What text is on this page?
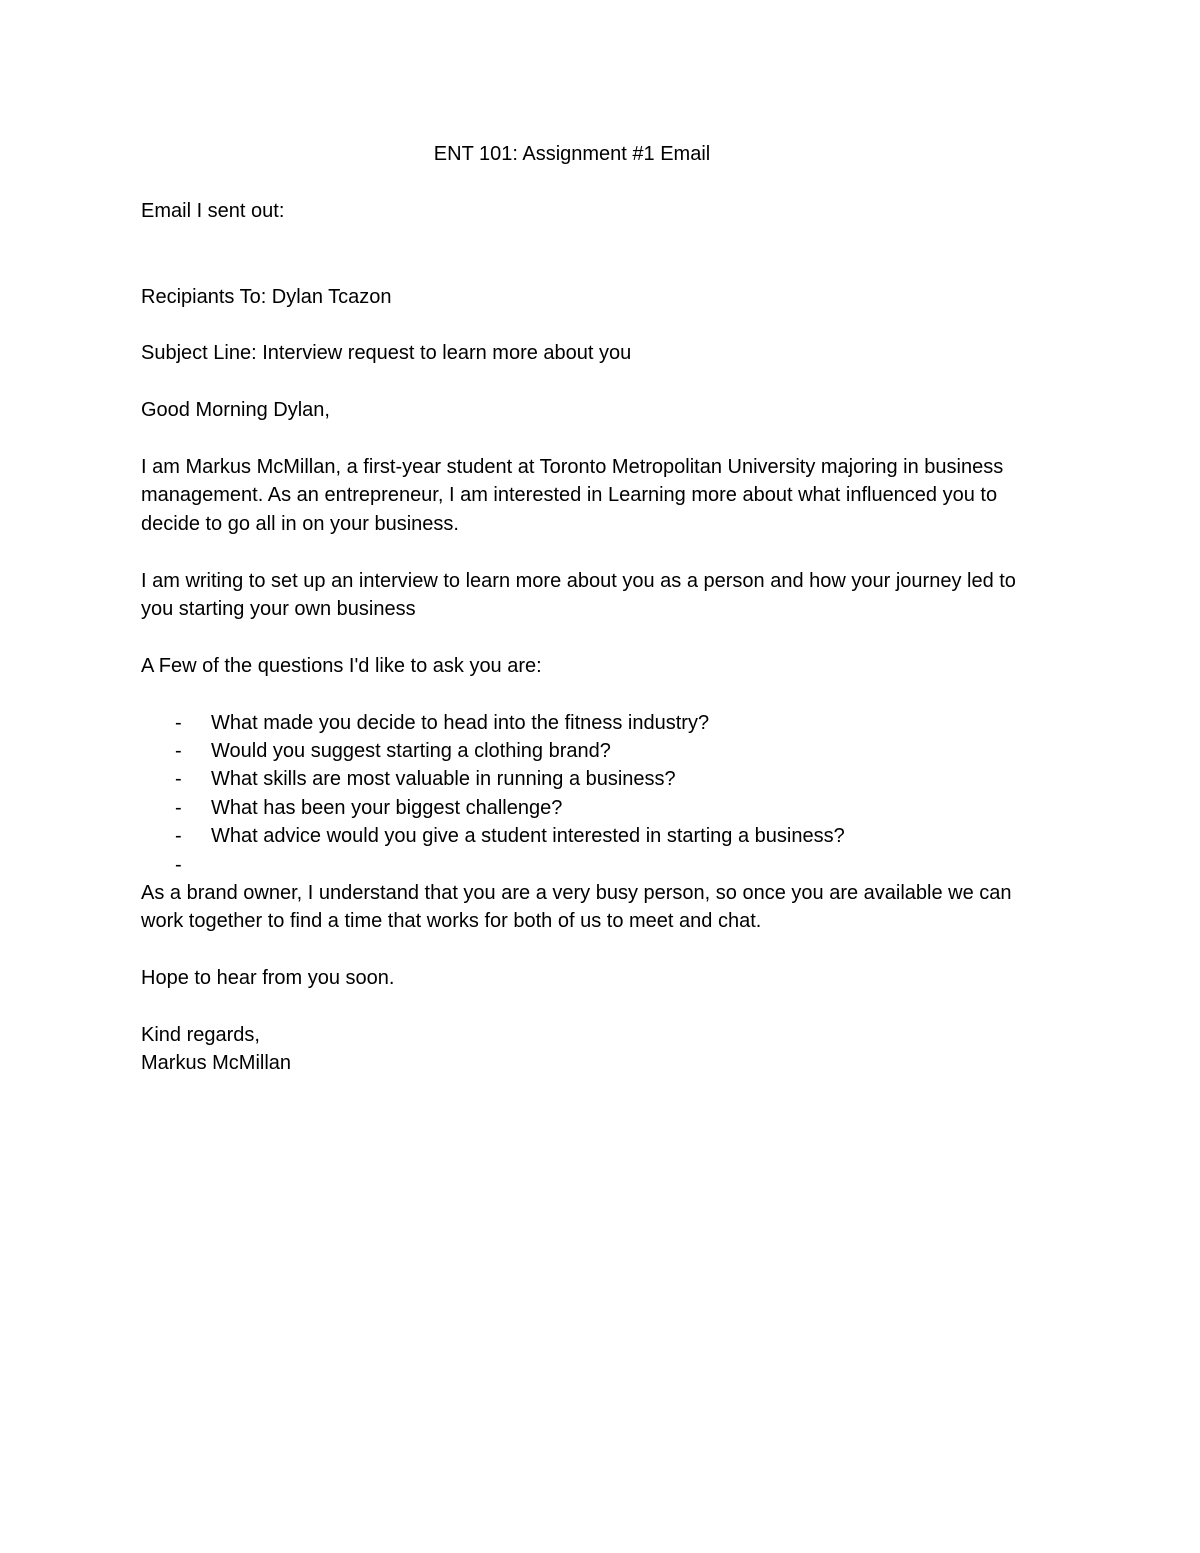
ENT 101: Assignment #1 Email

Email I sent out:

Recipiants To: Dylan Tcazon

Subject Line: Interview request to learn more about you

Good Morning Dylan,

I am Markus McMillan, a first-year student at Toronto Metropolitan University majoring in business management. As an entrepreneur, I am interested in Learning more about what influenced you to decide to go all in on your business.

I am writing to set up an interview to learn more about you as a person and how your journey led to you starting your own business

A Few of the questions I'd like to ask you are:

- What made you decide to head into the fitness industry?
- Would you suggest starting a clothing brand?
- What skills are most valuable in running a business?
- What has been your biggest challenge?
- What advice would you give a student interested in starting a business?
-

As a brand owner, I understand that you are a very busy person, so once you are available we can work together to find a time that works for both of us to meet and chat.

Hope to hear from you soon.

Kind regards,

Markus McMillan
